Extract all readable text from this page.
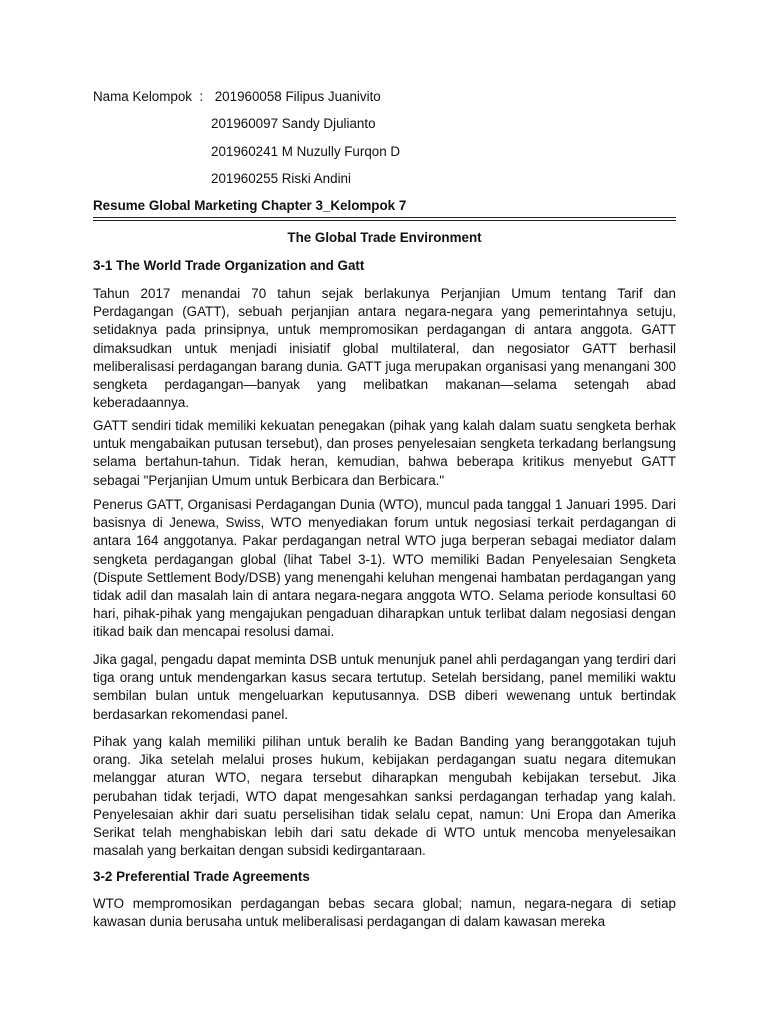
Nama Kelompok : 201960058 Filipus Juanivito
201960097 Sandy Djulianto
201960241 M Nuzully Furqon D
201960255 Riski Andini
Resume Global Marketing Chapter 3_Kelompok 7
The Global Trade Environment
3-1 The World Trade Organization and Gatt

Tahun 2017 menandai 70 tahun sejak berlakunya Perjanjian Umum tentang Tarif dan Perdagangan (GATT), sebuah perjanjian antara negara-negara yang pemerintahnya setuju, setidaknya pada prinsipnya, untuk mempromosikan perdagangan di antara anggota. GATT dimaksudkan untuk menjadi inisiatif global multilateral, dan negosiator GATT berhasil meliberalisasi perdagangan barang dunia. GATT juga merupakan organisasi yang menangani 300 sengketa perdagangan—banyak yang melibatkan makanan—selama setengah abad keberadaannya.

GATT sendiri tidak memiliki kekuatan penegakan (pihak yang kalah dalam suatu sengketa berhak untuk mengabaikan putusan tersebut), dan proses penyelesaian sengketa terkadang berlangsung selama bertahun-tahun. Tidak heran, kemudian, bahwa beberapa kritikus menyebut GATT sebagai "Perjanjian Umum untuk Berbicara dan Berbicara."

Penerus GATT, Organisasi Perdagangan Dunia (WTO), muncul pada tanggal 1 Januari 1995. Dari basisnya di Jenewa, Swiss, WTO menyediakan forum untuk negosiasi terkait perdagangan di antara 164 anggotanya. Pakar perdagangan netral WTO juga berperan sebagai mediator dalam sengketa perdagangan global (lihat Tabel 3-1). WTO memiliki Badan Penyelesaian Sengketa (Dispute Settlement Body/DSB) yang menengahi keluhan mengenai hambatan perdagangan yang tidak adil dan masalah lain di antara negara-negara anggota WTO. Selama periode konsultasi 60 hari, pihak-pihak yang mengajukan pengaduan diharapkan untuk terlibat dalam negosiasi dengan itikad baik dan mencapai resolusi damai.

Jika gagal, pengadu dapat meminta DSB untuk menunjuk panel ahli perdagangan yang terdiri dari tiga orang untuk mendengarkan kasus secara tertutup. Setelah bersidang, panel memiliki waktu sembilan bulan untuk mengeluarkan keputusannya. DSB diberi wewenang untuk bertindak berdasarkan rekomendasi panel.

Pihak yang kalah memiliki pilihan untuk beralih ke Badan Banding yang beranggotakan tujuh orang. Jika setelah melalui proses hukum, kebijakan perdagangan suatu negara ditemukan melanggar aturan WTO, negara tersebut diharapkan mengubah kebijakan tersebut. Jika perubahan tidak terjadi, WTO dapat mengesahkan sanksi perdagangan terhadap yang kalah. Penyelesaian akhir dari suatu perselisihan tidak selalu cepat, namun: Uni Eropa dan Amerika Serikat telah menghabiskan lebih dari satu dekade di WTO untuk mencoba menyelesaikan masalah yang berkaitan dengan subsidi kedirgantaraan.

3-2 Preferential Trade Agreements

WTO mempromosikan perdagangan bebas secara global; namun, negara-negara di setiap kawasan dunia berusaha untuk meliberalisasi perdagangan di dalam kawasan mereka
